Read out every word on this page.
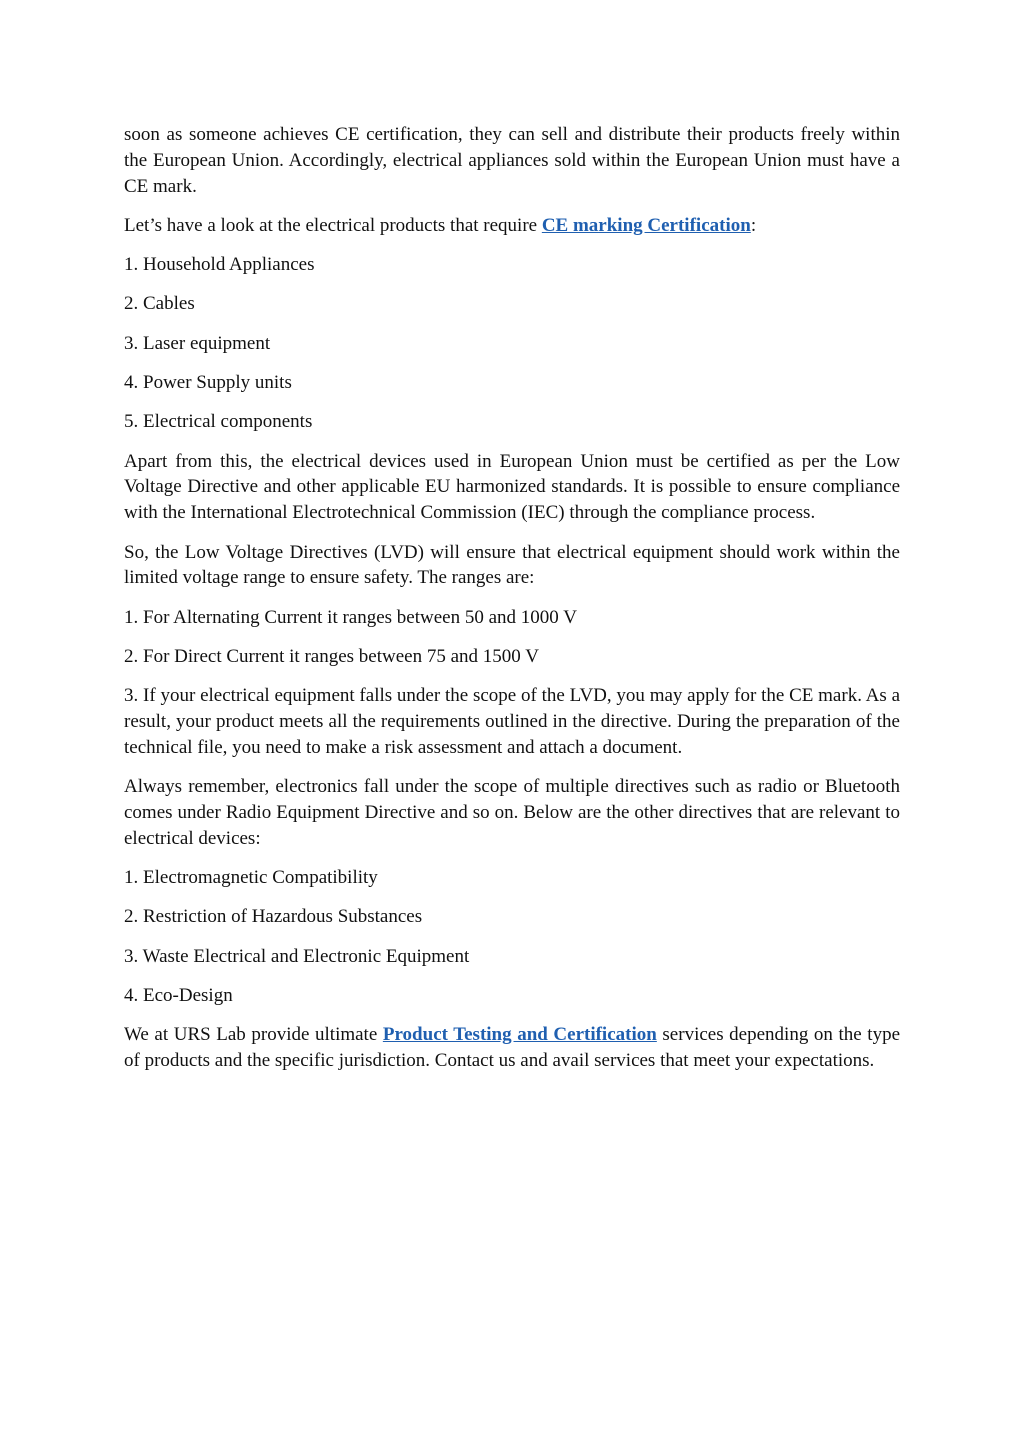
soon as someone achieves CE certification, they can sell and distribute their products freely within the European Union. Accordingly, electrical appliances sold within the European Union must have a CE mark.

Let’s have a look at the electrical products that require CE marking Certification:

1. Household Appliances

2. Cables

3. Laser equipment

4. Power Supply units

5. Electrical components

Apart from this, the electrical devices used in European Union must be certified as per the Low Voltage Directive and other applicable EU harmonized standards. It is possible to ensure compliance with the International Electrotechnical Commission (IEC) through the compliance process.

So, the Low Voltage Directives (LVD) will ensure that electrical equipment should work within the limited voltage range to ensure safety. The ranges are:

1. For Alternating Current it ranges between 50 and 1000 V

2. For Direct Current it ranges between 75 and 1500 V

3. If your electrical equipment falls under the scope of the LVD, you may apply for the CE mark. As a result, your product meets all the requirements outlined in the directive. During the preparation of the technical file, you need to make a risk assessment and attach a document.

Always remember, electronics fall under the scope of multiple directives such as radio or Bluetooth comes under Radio Equipment Directive and so on. Below are the other directives that are relevant to electrical devices:

1. Electromagnetic Compatibility

2. Restriction of Hazardous Substances

3. Waste Electrical and Electronic Equipment

4. Eco-Design

We at URS Lab provide ultimate Product Testing and Certification services depending on the type of products and the specific jurisdiction. Contact us and avail services that meet your expectations.
